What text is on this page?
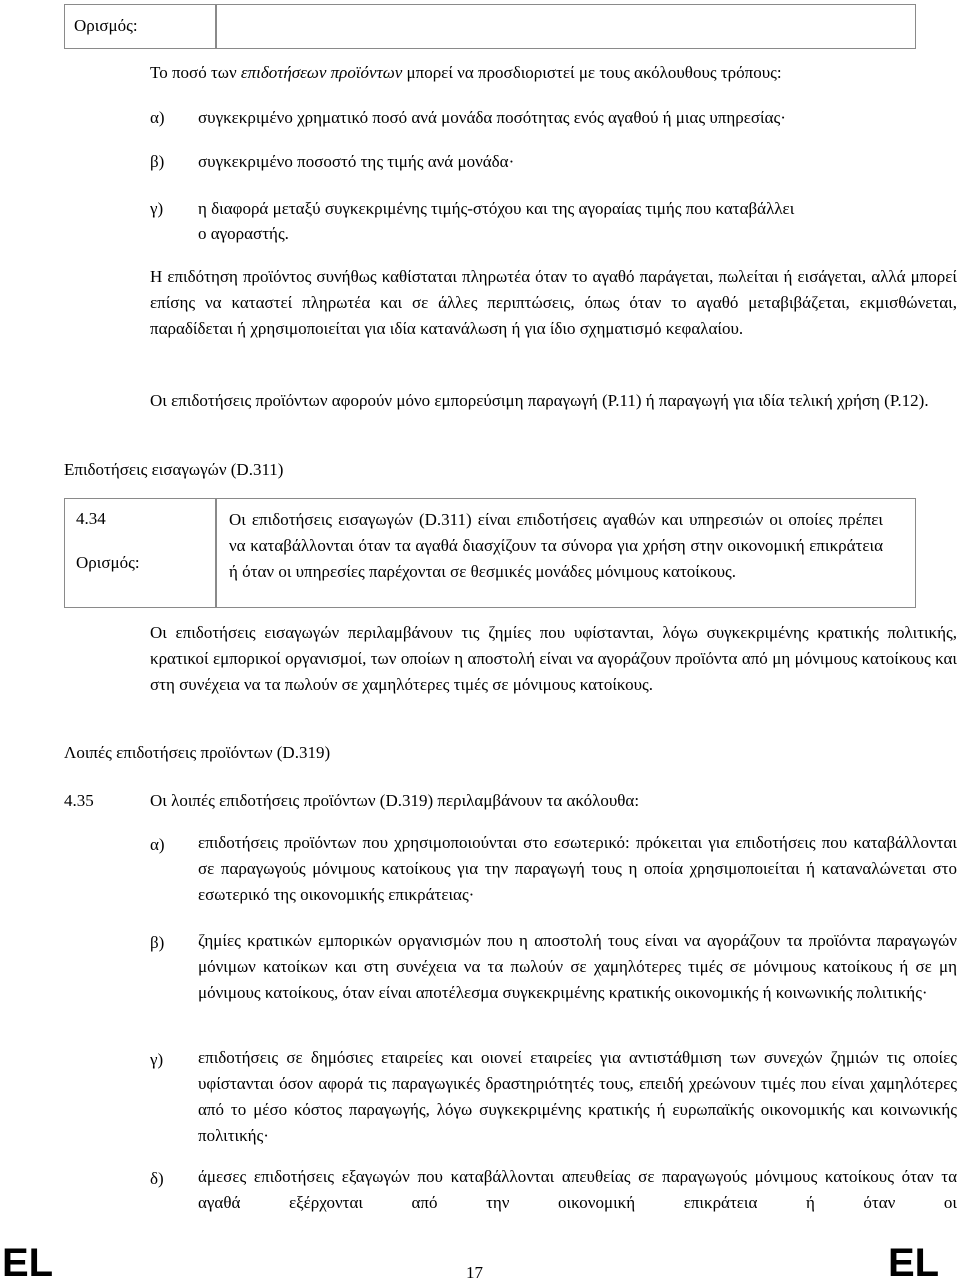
Ορισμός:
Το ποσό των επιδοτήσεων προϊόντων μπορεί να προσδιοριστεί με τους ακόλουθους τρόπους:
α) συγκεκριμένο χρηματικό ποσό ανά μονάδα ποσότητας ενός αγαθού ή μιας υπηρεσίας·
β) συγκεκριμένο ποσοστό της τιμής ανά μονάδα·
γ) η διαφορά μεταξύ συγκεκριμένης τιμής-στόχου και της αγοραίας τιμής που καταβάλλει
ο αγοραστής.
Η επιδότηση προϊόντος συνήθως καθίσταται πληρωτέα όταν το αγαθό παράγεται, πωλείται ή εισάγεται, αλλά μπορεί επίσης να καταστεί πληρωτέα και σε άλλες περιπτώσεις, όπως όταν το αγαθό μεταβιβάζεται, εκμισθώνεται, παραδίδεται ή χρησιμοποιείται για ιδία κατανάλωση ή για ίδιο σχηματισμό κεφαλαίου.
Οι επιδοτήσεις προϊόντων αφορούν μόνο εμπορεύσιμη παραγωγή (P.11) ή παραγωγή για ιδία τελική χρήση (P.12).
Επιδοτήσεις εισαγωγών (D.311)
4.34
Ορισμός:
Οι επιδοτήσεις εισαγωγών (D.311) είναι επιδοτήσεις αγαθών και υπηρεσιών οι οποίες πρέπει να καταβάλλονται όταν τα αγαθά διασχίζουν τα σύνορα για χρήση στην οικονομική επικράτεια ή όταν οι υπηρεσίες παρέχονται σε θεσμικές μονάδες μόνιμους κατοίκους.
Οι επιδοτήσεις εισαγωγών περιλαμβάνουν τις ζημίες που υφίστανται, λόγω συγκεκριμένης κρατικής πολιτικής, κρατικοί εμπορικοί οργανισμοί, των οποίων η αποστολή είναι να αγοράζουν προϊόντα από μη μόνιμους κατοίκους και στη συνέχεια να τα πωλούν σε χαμηλότερες τιμές σε μόνιμους κατοίκους.
Λοιπές επιδοτήσεις προϊόντων (D.319)
4.35	Οι λοιπές επιδοτήσεις προϊόντων (D.319) περιλαμβάνουν τα ακόλουθα:
α) επιδοτήσεις προϊόντων που χρησιμοποιούνται στο εσωτερικό: πρόκειται για επιδοτήσεις που καταβάλλονται σε παραγωγούς μόνιμους κατοίκους για την παραγωγή τους η οποία χρησιμοποιείται ή καταναλώνεται στο εσωτερικό της οικονομικής επικράτειας·
β) ζημίες κρατικών εμπορικών οργανισμών που η αποστολή τους είναι να αγοράζουν τα προϊόντα παραγωγών μόνιμων κατοίκων και στη συνέχεια να τα πωλούν σε χαμηλότερες τιμές σε μόνιμους κατοίκους ή σε μη μόνιμους κατοίκους, όταν είναι αποτέλεσμα συγκεκριμένης κρατικής οικονομικής ή κοινωνικής πολιτικής·
γ) επιδοτήσεις σε δημόσιες εταιρείες και οιονεί εταιρείες για αντιστάθμιση των συνεχών ζημιών τις οποίες υφίστανται όσον αφορά τις παραγωγικές δραστηριότητές τους, επειδή χρεώνουν τιμές που είναι χαμηλότερες από το μέσο κόστος παραγωγής, λόγω συγκεκριμένης κρατικής ή ευρωπαϊκής οικονομικής και κοινωνικής πολιτικής·
δ) άμεσες επιδοτήσεις εξαγωγών που καταβάλλονται απευθείας σε παραγωγούς μόνιμους κατοίκους όταν τα αγαθά εξέρχονται από την οικονομική επικράτεια ή όταν οι
EL	17	EL
